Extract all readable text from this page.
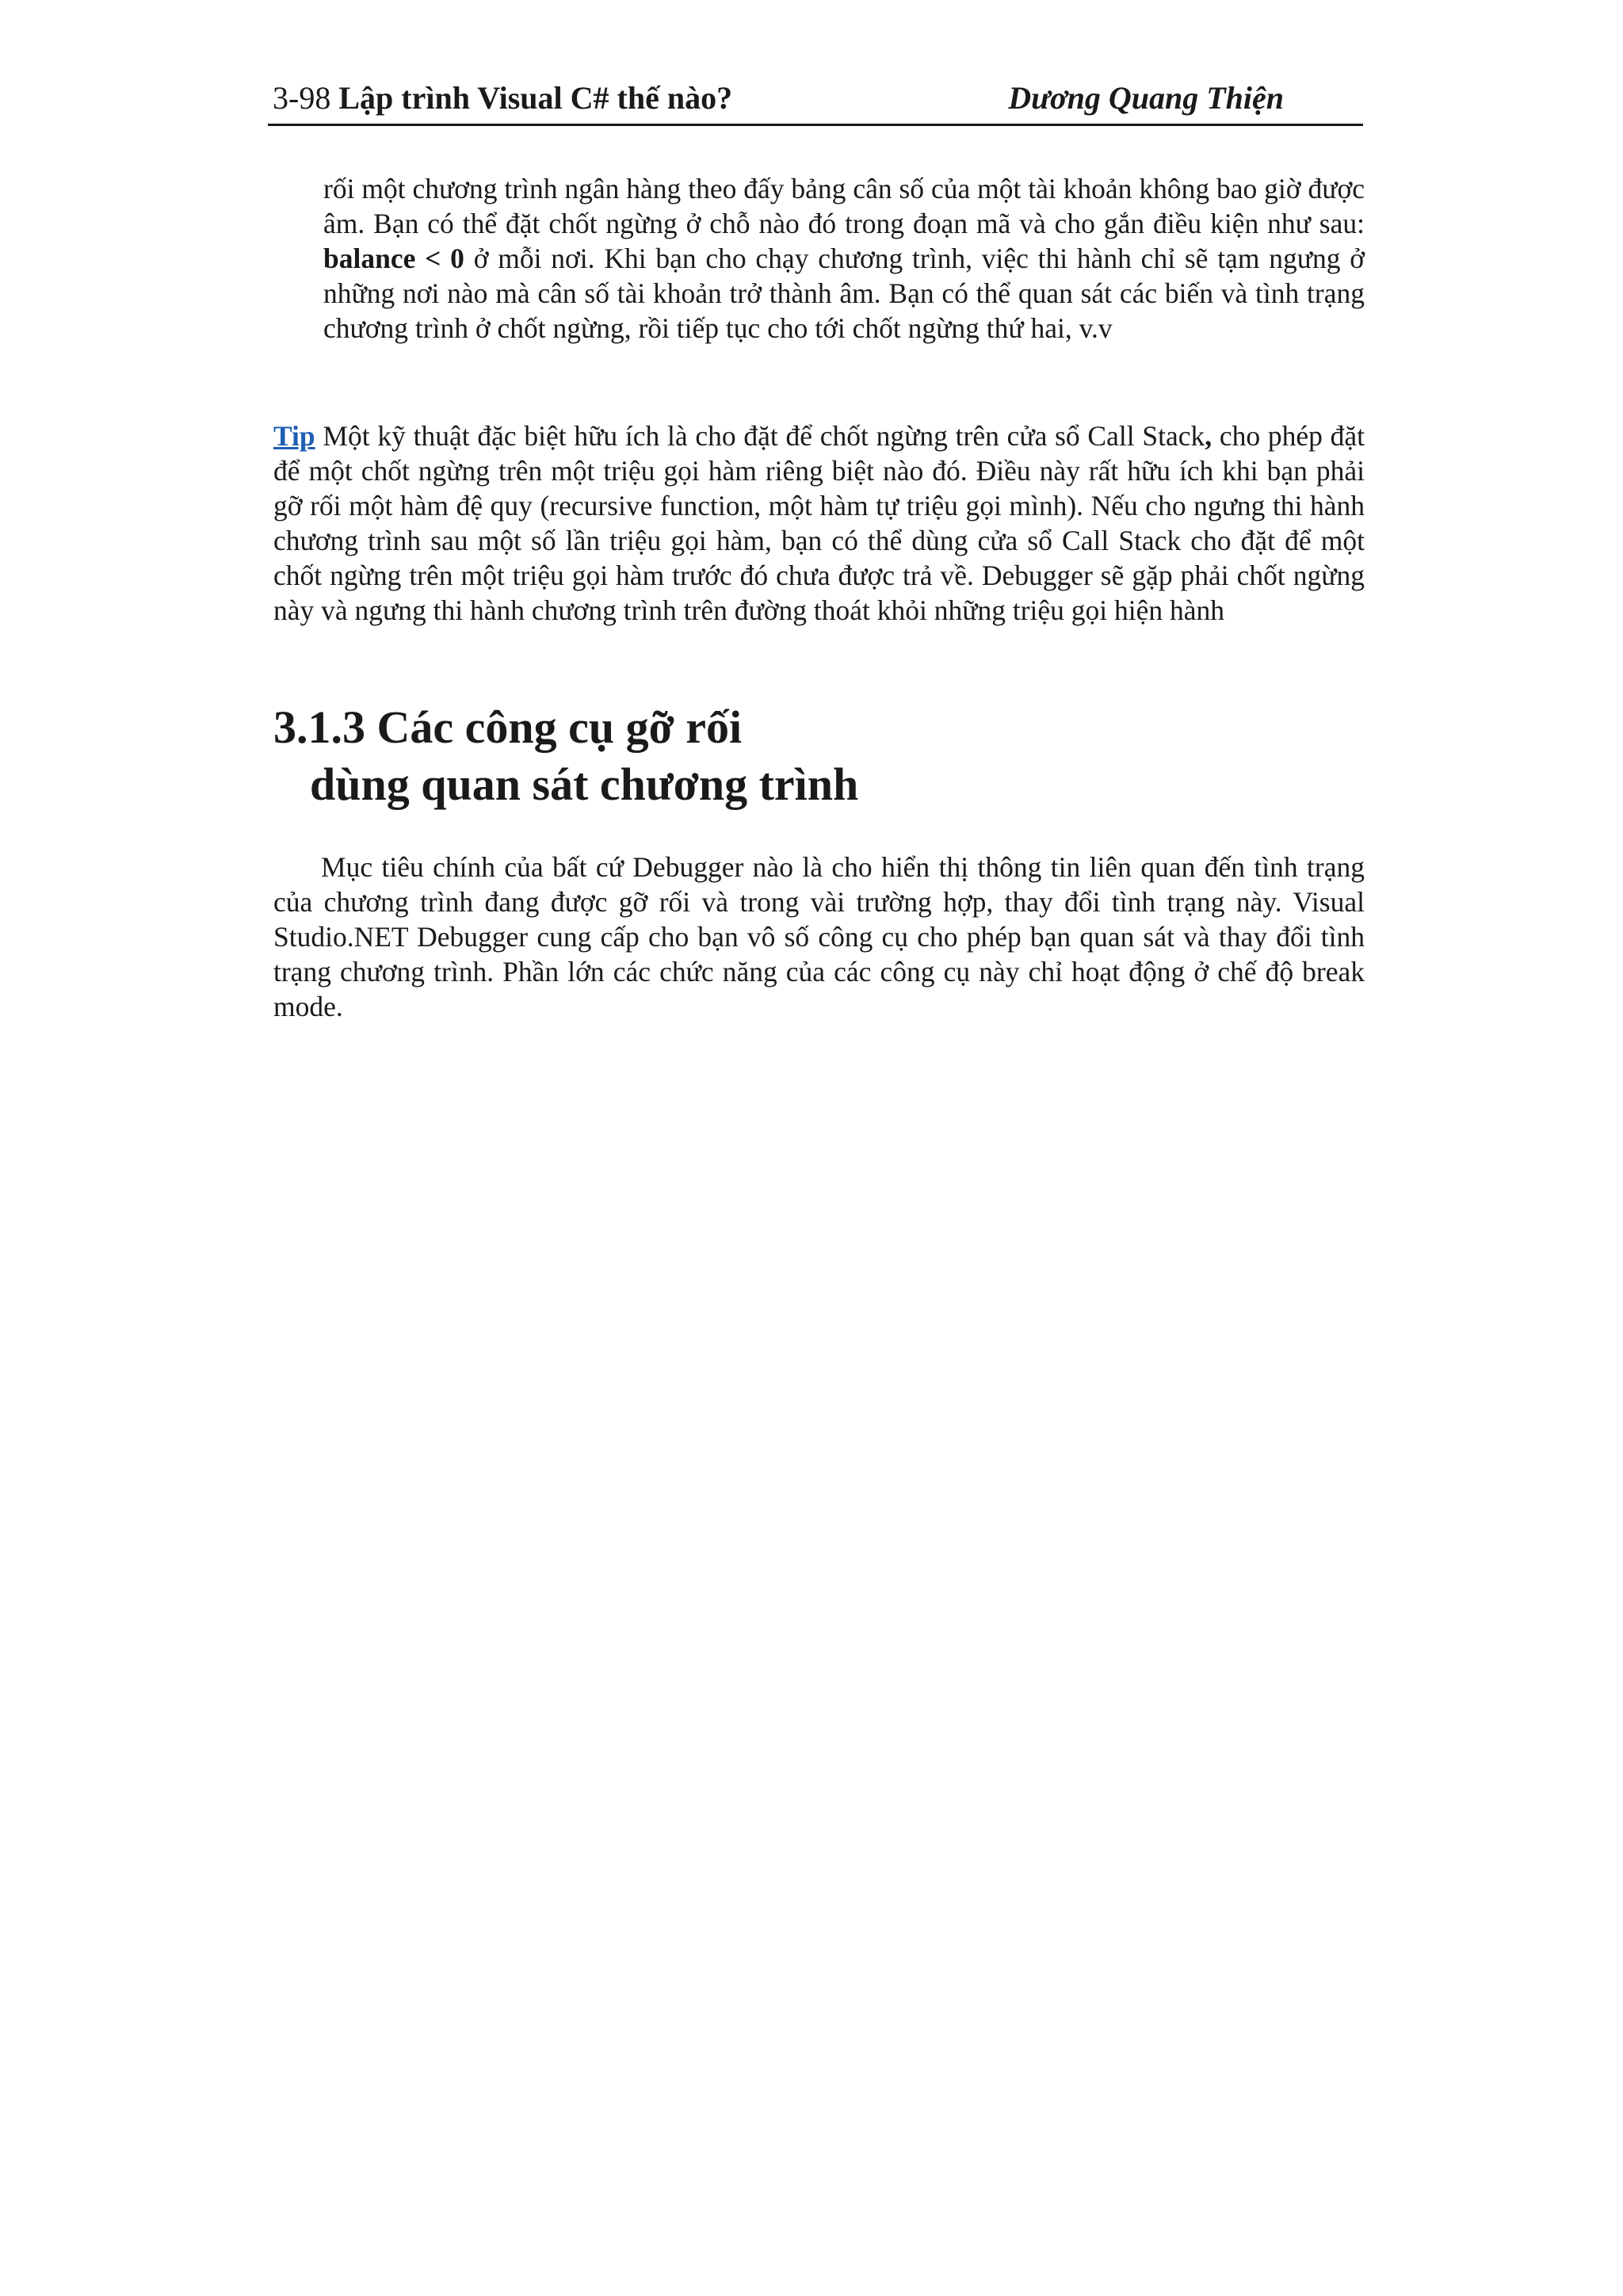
3-98 Lập trình Visual C# thế nào?	Dương Quang Thiện

rối một chương trình ngân hàng theo đấy bảng cân số của một tài khoản không bao giờ được âm. Bạn có thể đặt chốt ngừng ở chỗ nào đó trong đoạn mã và cho gắn điều kiện như sau: balance < 0 ở mỗi nơi. Khi bạn cho chạy chương trình, việc thi hành chỉ sẽ tạm ngưng ở những nơi nào mà cân số tài khoản trở thành âm. Bạn có thể quan sát các biến và tình trạng chương trình ở chốt ngừng, rồi tiếp tục cho tới chốt ngừng thứ hai, v.v

Tip Một kỹ thuật đặc biệt hữu ích là cho đặt để chốt ngừng trên cửa sổ Call Stack, cho phép đặt để một chốt ngừng trên một triệu gọi hàm riêng biệt nào đó. Điều này rất hữu ích khi bạn phải gỡ rối một hàm đệ quy (recursive function, một hàm tự triệu gọi mình). Nếu cho ngưng thi hành chương trình sau một số lần triệu gọi hàm, bạn có thể dùng cửa sổ Call Stack cho đặt để một chốt ngừng trên một triệu gọi hàm trước đó chưa được trả về. Debugger sẽ gặp phải chốt ngừng này và ngưng thi hành chương trình trên đường thoát khỏi những triệu gọi hiện hành

3.1.3 Các công cụ gỡ rối
dùng quan sát chương trình

Mục tiêu chính của bất cứ Debugger nào là cho hiển thị thông tin liên quan đến tình trạng của chương trình đang được gỡ rối và trong vài trường hợp, thay đổi tình trạng này. Visual Studio.NET Debugger cung cấp cho bạn vô số công cụ cho phép bạn quan sát và thay đổi tình trạng chương trình. Phần lớn các chức năng của các công cụ này chỉ hoạt động ở chế độ break mode.
